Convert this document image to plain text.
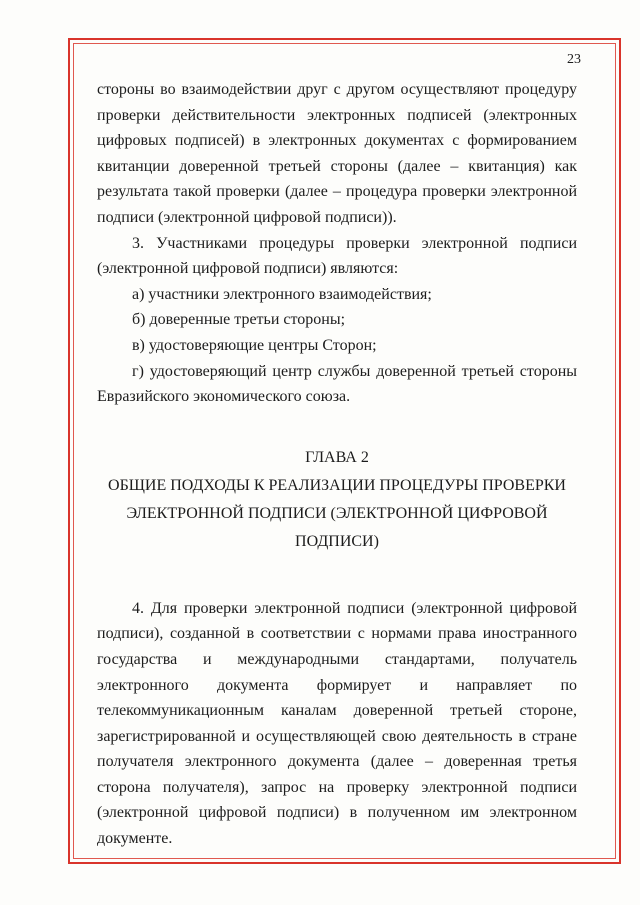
23

стороны во взаимодействии друг с другом осуществляют процедуру проверки действительности электронных подписей (электронных цифровых подписей) в электронных документах с формированием квитанции доверенной третьей стороны (далее – квитанция) как результата такой проверки (далее – процедура проверки электронной подписи (электронной цифровой подписи)).

3. Участниками процедуры проверки электронной подписи (электронной цифровой подписи) являются:

а) участники электронного взаимодействия;

б) доверенные третьи стороны;

в) удостоверяющие центры Сторон;

г) удостоверяющий центр службы доверенной третьей стороны Евразийского экономического союза.

ГЛАВА 2
ОБЩИЕ ПОДХОДЫ К РЕАЛИЗАЦИИ ПРОЦЕДУРЫ ПРОВЕРКИ ЭЛЕКТРОННОЙ ПОДПИСИ (ЭЛЕКТРОННОЙ ЦИФРОВОЙ ПОДПИСИ)

4. Для проверки электронной подписи (электронной цифровой подписи), созданной в соответствии с нормами права иностранного государства и международными стандартами, получатель электронного документа формирует и направляет по телекоммуникационным каналам доверенной третьей стороне, зарегистрированной и осуществляющей свою деятельность в стране получателя электронного документа (далее – доверенная третья сторона получателя), запрос на проверку электронной подписи (электронной цифровой подписи) в полученном им электронном документе.
